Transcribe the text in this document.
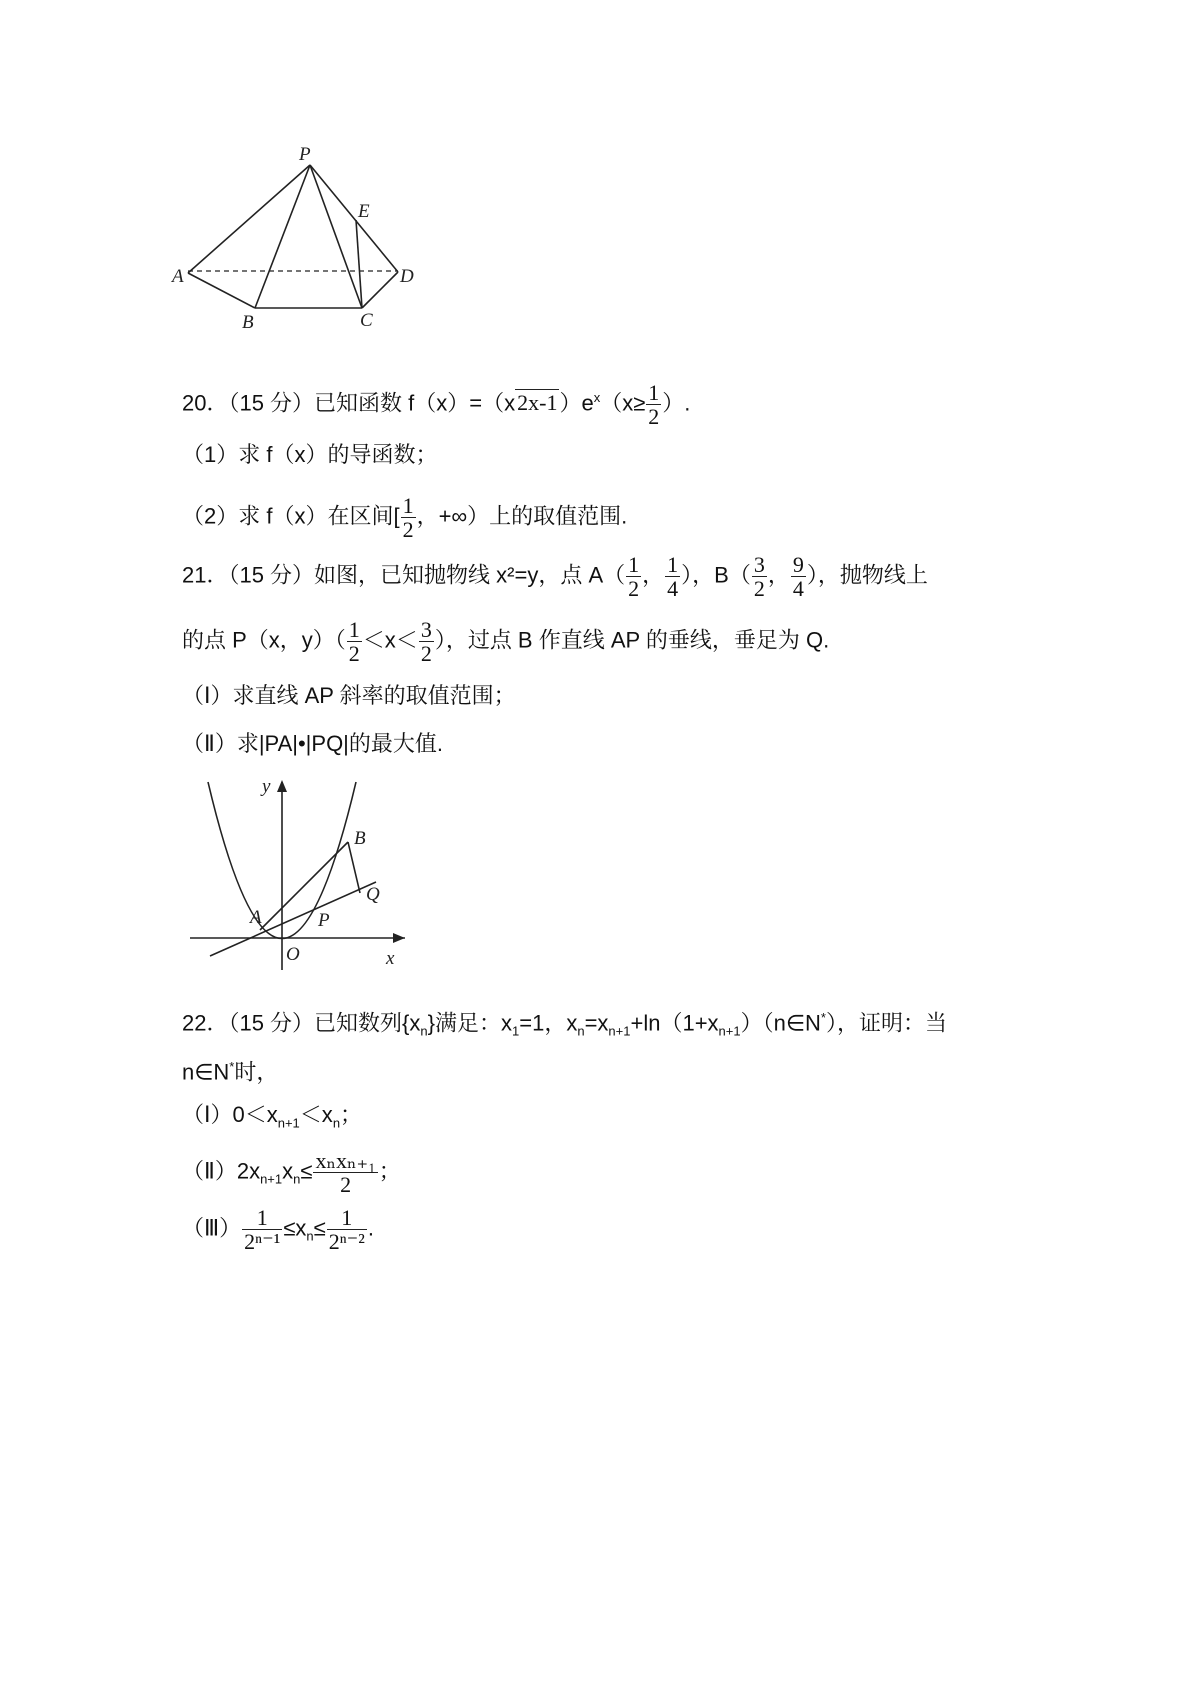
P
E
A	D
B	C
20．（15 分）已知函数 $f(x)=(x2x-1)e^x(x\ge \frac{1}{2}$ ）.
（1）求 f（x）的导函数；
（2）求 f（x）在区间[ $\frac{1}{2}$ ，+∞）上的取值范围.
21．（15 分）如图，已知抛物线 x²=y，点 $A( \frac{1}{2}$ ， $\frac{1}{4}$ ），$B( \frac{3}{2}$ ， $\frac{9}{4}$ ），抛物线上
的点 P（x，$y)( \frac{1}{2} <x< \frac{3}{2}$ ），过点 B 作直线 AP 的垂线，垂足为 Q.
（Ⅰ）求直线 AP 斜率的取值范围；
（Ⅱ）求|PA|•|PQ|的最大值.
y
x
O
A	P
B
Q
22．（15 分）已知数列$\{x_n\}$满足：$x_1=1$，$x_n=x_{n+1}+\ln(1+x_{n+1})(n\in N^*)$，证明：当
n∈N*时，
$(Ⅰ)0<x_{n+1}<x_n$；
$(Ⅱ)2x_{n+1}x_n\le \frac{\text{xₙxₙ₊₁}}{2}$ ；
（Ⅲ） $\frac{1}{\text{2ⁿ⁻¹}} \le x_n\le \frac{1}{\text{2ⁿ⁻²}}$ .
